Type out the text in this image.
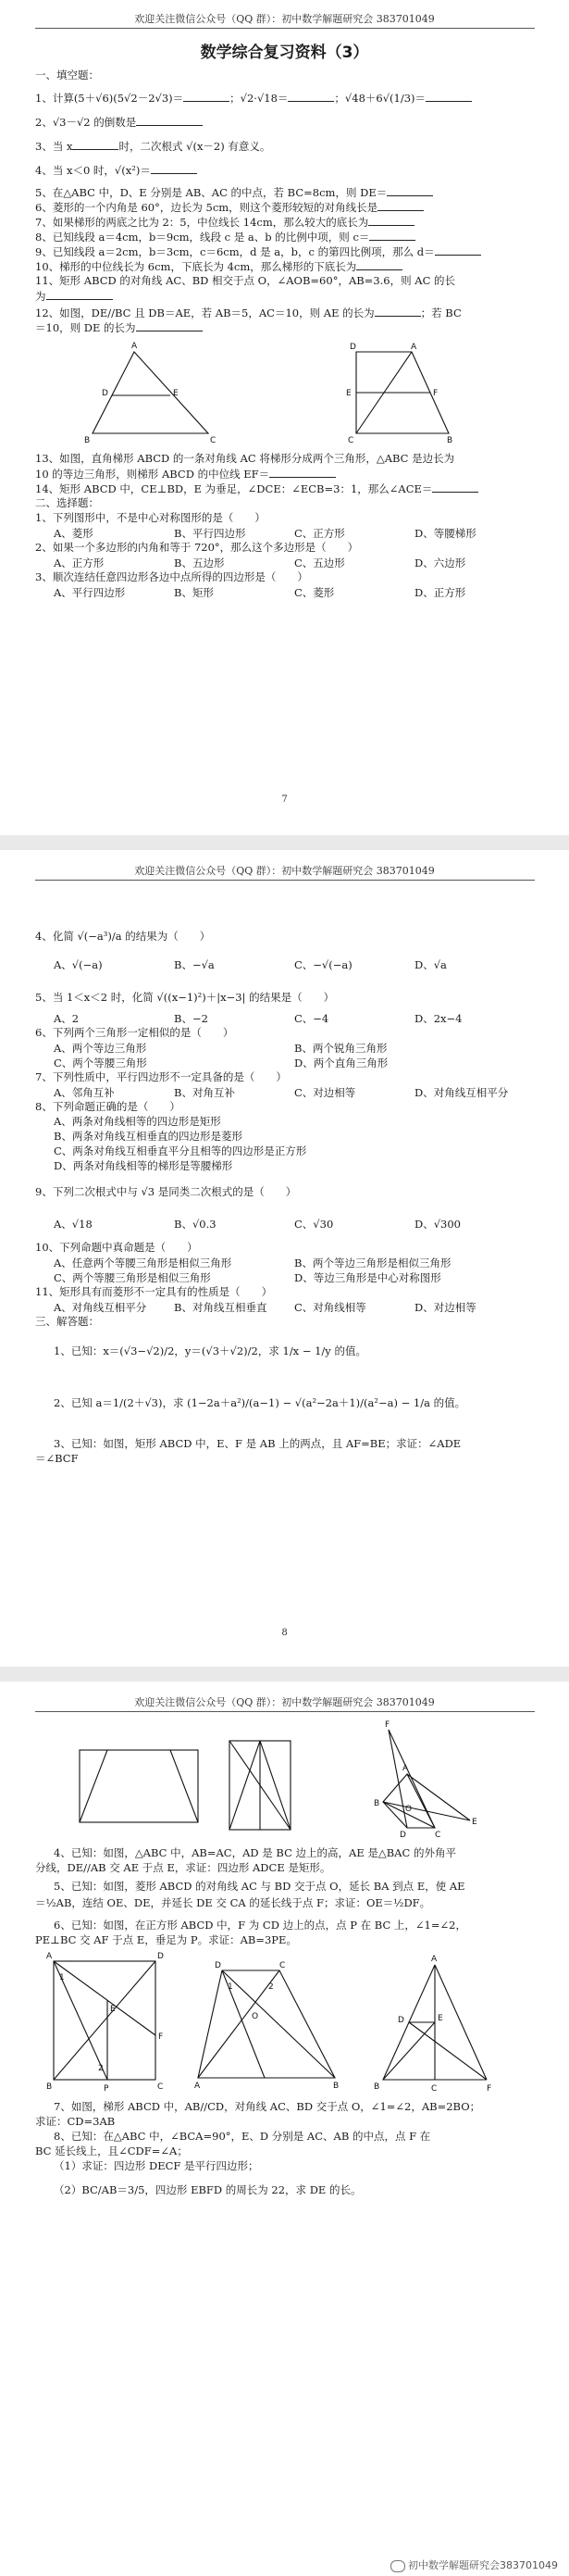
欢迎关注微信公众号（QQ 群）：初中数学解题研究会 383701049
数学综合复习资料（3）
一、填空题：
1、计算(5＋√6)(5√2－2√3)＝	；√2·√18＝	；√48＋6√(1/3)＝
2、√3－√2 的倒数是
3、当 x	时，二次根式 √(x－2) 有意义。
4、当 x＜0 时，√(x²)＝
5、在△ABC 中，D、E 分别是 AB、AC 的中点，若 BC=8cm，则 DE＝
6、菱形的一个内角是 60°，边长为 5cm，则这个菱形较短的对角线长是
7、如果梯形的两底之比为 2：5，中位线长 14cm，那么较大的底长为
8、已知线段 a＝4cm，b＝9cm，线段 c 是 a、b 的比例中项，则 c＝
9、已知线段 a＝2cm，b＝3cm，c＝6cm，d 是 a，b，c 的第四比例项，那么 d＝
10、梯形的中位线长为 6cm，下底长为 4cm，那么梯形的下底长为
11、矩形 ABCD 的对角线 AC、BD 相交于点 O，∠AOB=60°，AB=3.6，则 AC 的长
为
12、如图，DE//BC 且 DB＝AE，若 AB＝5，AC＝10，则 AE 的长为	；若 BC
＝10，则 DE 的长为
A
D	E
B	C
D	A
E	F
C	B
13、如图，直角梯形 ABCD 的一条对角线 AC 将梯形分成两个三角形，△ABC 是边长为
10 的等边三角形，则梯形 ABCD 的中位线 EF＝
14、矩形 ABCD 中，CE⊥BD，E 为垂足，∠DCE：∠ECB=3：1，那么∠ACE＝
二、选择题：
1、下列图形中，不是中心对称图形的是（　　）
A、菱形	B、平行四边形	C、正方形	D、等腰梯形
2、如果一个多边形的内角和等于 720°，那么这个多边形是（　　）
A、正方形	B、五边形	C、五边形	D、六边形
3、顺次连结任意四边形各边中点所得的四边形是（　　）
A、平行四边形	B、矩形	C、菱形	D、正方形
7
欢迎关注微信公众号（QQ 群）：初中数学解题研究会 383701049
4、化简 √(−a³)/a 的结果为（　　）
A、√(−a)	B、−√a	C、−√(−a)	D、√a
5、当 1＜x＜2 时，化简 √((x−1)²)＋|x−3| 的结果是（　　）
A、2	B、−2	C、−4	D、2x−4
6、下列两个三角形一定相似的是（　　）
A、两个等边三角形	B、两个锐角三角形
C、两个等腰三角形	D、两个直角三角形
7、下列性质中，平行四边形不一定具备的是（　　）
A、邻角互补	B、对角互补	C、对边相等	D、对角线互相平分
8、下列命题正确的是（　　）
A、两条对角线相等的四边形是矩形
B、两条对角线互相垂直的四边形是菱形
C、两条对角线互相垂直平分且相等的四边形是正方形
D、两条对角线相等的梯形是等腰梯形
9、下列二次根式中与 √3 是同类二次根式的是（　　）
A、√18	B、√0.3	C、√30	D、√300
10、下列命题中真命题是（　　）
A、任意两个等腰三角形是相似三角形	B、两个等边三角形是相似三角形
C、两个等腰三角形是相似三角形	D、等边三角形是中心对称图形
11、矩形具有而菱形不一定具有的性质是（　　）
A、对角线互相平分	B、对角线互相垂直	C、对角线相等	D、对边相等
三、解答题：
1、已知：x＝(√3−√2)/2，y＝(√3＋√2)/2，求 1/x − 1/y 的值。
2、已知 a＝1/(2＋√3)，求 (1−2a＋a²)/(a−1) − √(a²−2a＋1)/(a²−a) − 1/a 的值。
3、已知：如图，矩形 ABCD 中，E、F 是 AB 上的两点，且 AF=BE；求证：∠ADE
＝∠BCF
8
欢迎关注微信公众号（QQ 群）：初中数学解题研究会 383701049
F
A
E
O
B
D	C
4、已知：如图，△ABC 中，AB=AC，AD 是 BC 边上的高，AE 是△BAC 的外角平
分线，DE//AB 交 AE 于点 E，求证：四边形 ADCE 是矩形。
5、已知：如图，菱形 ABCD 的对角线 AC 与 BD 交于点 O，延长 BA 到点 E，使 AE
＝½AB，连结 OE、DE，并延长 DE 交 CA 的延长线于点 F；求证：OE＝½DF。
6、已知：如图，在正方形 ABCD 中，F 为 CD 边上的点，点 P 在 BC 上，∠1=∠2，
PE⊥BC 交 AF 于点 E，垂足为 P。求证：AB=3PE。
A	D
1
E
2
F
B	P	C
D	C
O
1	2
A	B
A
D	E
B	C	F
7、如图，梯形 ABCD 中，AB//CD，对角线 AC、BD 交于点 O，∠1=∠2，AB=2BO；
求证：CD=3AB
8、已知：在△ABC 中，∠BCA=90°，E、D 分别是 AC、AB 的中点，点 F 在
BC 延长线上，且∠CDF=∠A；
（1）求证：四边形 DECF 是平行四边形；
（2）BC/AB＝3/5，四边形 EBFD 的周长为 22，求 DE 的长。
初中数学解题研究会383701049
